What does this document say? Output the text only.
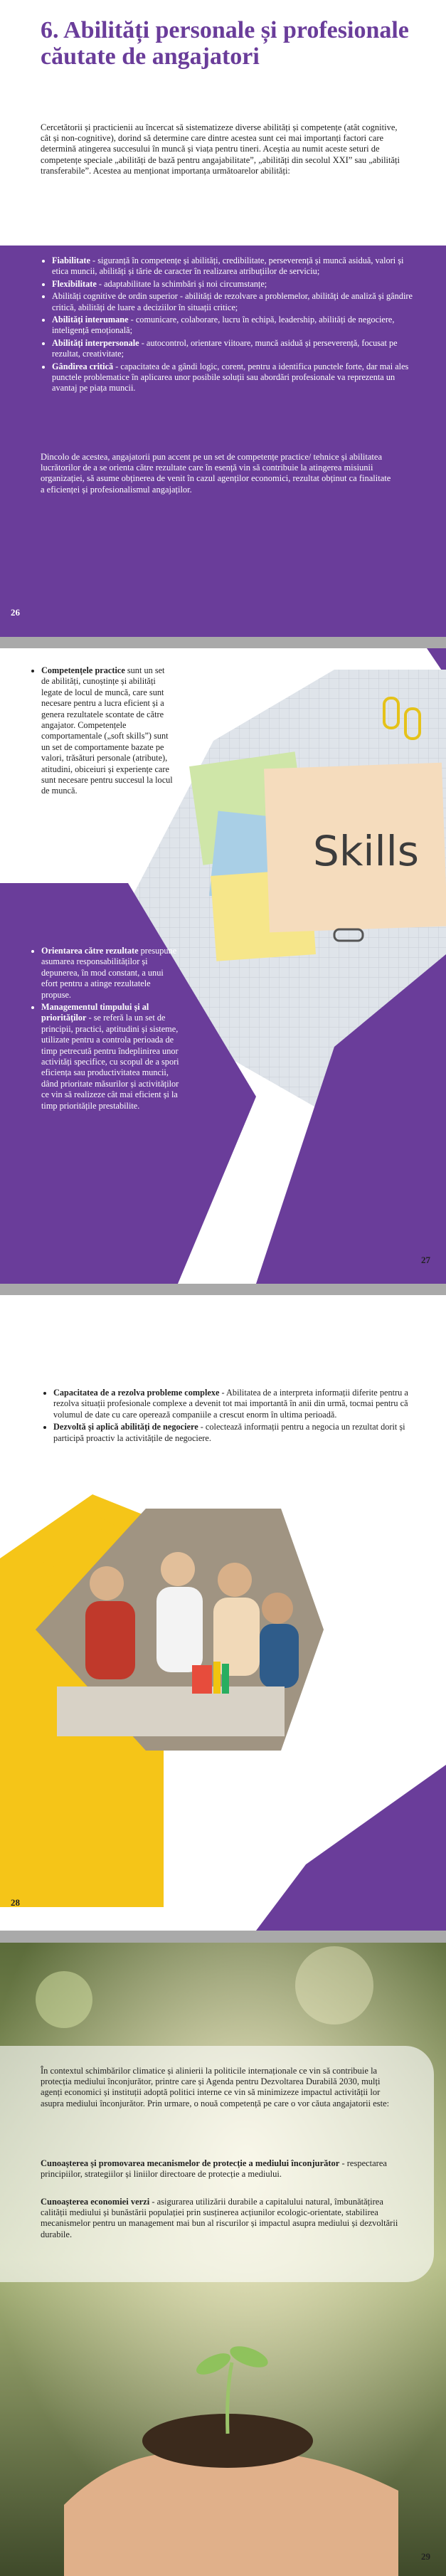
6. Abilități personale și profesionale căutate de angajatori

Cercetătorii și practicienii au încercat să sistematizeze diverse abilități și competențe (atât cognitive, cât și non-cognitive), dorind să determine care dintre acestea sunt cei mai importanți factori care determină atingerea succesului în muncă și viața pentru tineri. Aceștia au numit aceste seturi de competențe speciale „abilități de bază pentru angajabilitate”, „abilități din secolul XXI” sau „abilități transferabile”. Acestea au menționat importanța următoarelor abilități:

• Fiabilitate - siguranță în competențe și abilități, credibilitate, perseverență și muncă asiduă, valori și etica muncii, abilități și tărie de caracter în realizarea atribuțiilor de serviciu;
• Flexibilitate - adaptabilitate la schimbări și noi circumstanțe;
• Abilități cognitive de ordin superior - abilități de rezolvare a problemelor, abilități de analiză și gândire critică, abilități de luare a deciziilor în situații critice;
• Abilități interumane - comunicare, colaborare, lucru în echipă, leadership, abilități de negociere, inteligență emoțională;
• Abilități interpersonale - autocontrol, orientare viitoare, muncă asiduă și perseverență, focusat pe rezultat, creativitate;
• Gândirea critică - capacitatea de a gândi logic, corent, pentru a identifica punctele forte, dar mai ales punctele problematice în aplicarea unor posibile soluții sau abordări profesionale va reprezenta un avantaj pe piața muncii.

Dincolo de acestea, angajatorii pun accent pe un set de competențe practice/ tehnice și abilitatea lucrătorilor de a se orienta către rezultate care în esență vin să contribuie la atingerea misiunii organizației, să asume obținerea de venit în cazul agenților economici, rezultat obținut ca finalitate a eficienței și profesionalismul angajaților.

26
Skills
• Competențele practice sunt un set de abilități, cunoștințe și abilități legate de locul de muncă, care sunt necesare pentru a lucra eficient și a genera rezultatele scontate de către angajator. Competențele comportamentale („soft skills”) sunt un set de comportamente bazate pe valori, trăsături personale (atribute), atitudini, obiceiuri și experiențe care sunt necesare pentru succesul la locul de muncă.
• Orientarea către rezultate presupune asumarea responsabilităților și depunerea, în mod constant, a unui efort pentru a atinge rezultatele propuse.
• Managementul timpului și al priorităților - se referă la un set de principii, practici, aptitudini și sisteme, utilizate pentru a controla perioada de timp petrecută pentru îndeplinirea unor activități specifice, cu scopul de a spori eficiența sau productivitatea muncii, dând prioritate măsurilor și activităților ce vin să realizeze cât mai eficient și la timp prioritățile prestabilite.
27
• Capacitatea de a rezolva probleme complexe - Abilitatea de a interpreta informații diferite pentru a rezolva situații profesionale complexe a devenit tot mai importantă în anii din urmă, tocmai pentru că volumul de date cu care operează companiile a crescut enorm în ultima perioadă.
• Dezvoltă și aplică abilități de negociere - colectează informații pentru a negocia un rezultat dorit și participă proactiv la activitățile de negociere.
28

În contextul schimbărilor climatice și alinierii la politicile internaționale ce vin să contribuie la protecția mediului înconjurător, printre care și Agenda pentru Dezvoltarea Durabilă 2030, mulți agenți economici și instituții adoptă politici interne ce vin să minimizeze impactul activității lor asupra mediului înconjurător. Prin urmare, o nouă competență pe care o vor căuta angajatorii este:

Cunoașterea și promovarea mecanismelor de protecție a mediului înconjurător - respectarea principiilor, strategiilor și liniilor directoare de protecție a mediului.

Cunoașterea economiei verzi - asigurarea utilizării durabile a capitalului natural, îmbunătățirea calității mediului și bunăstării populației prin susținerea acțiunilor ecologic-orientate, stabilirea mecanismelor pentru un management mai bun al riscurilor și impactul asupra mediului și dezvoltării durabile.

29
